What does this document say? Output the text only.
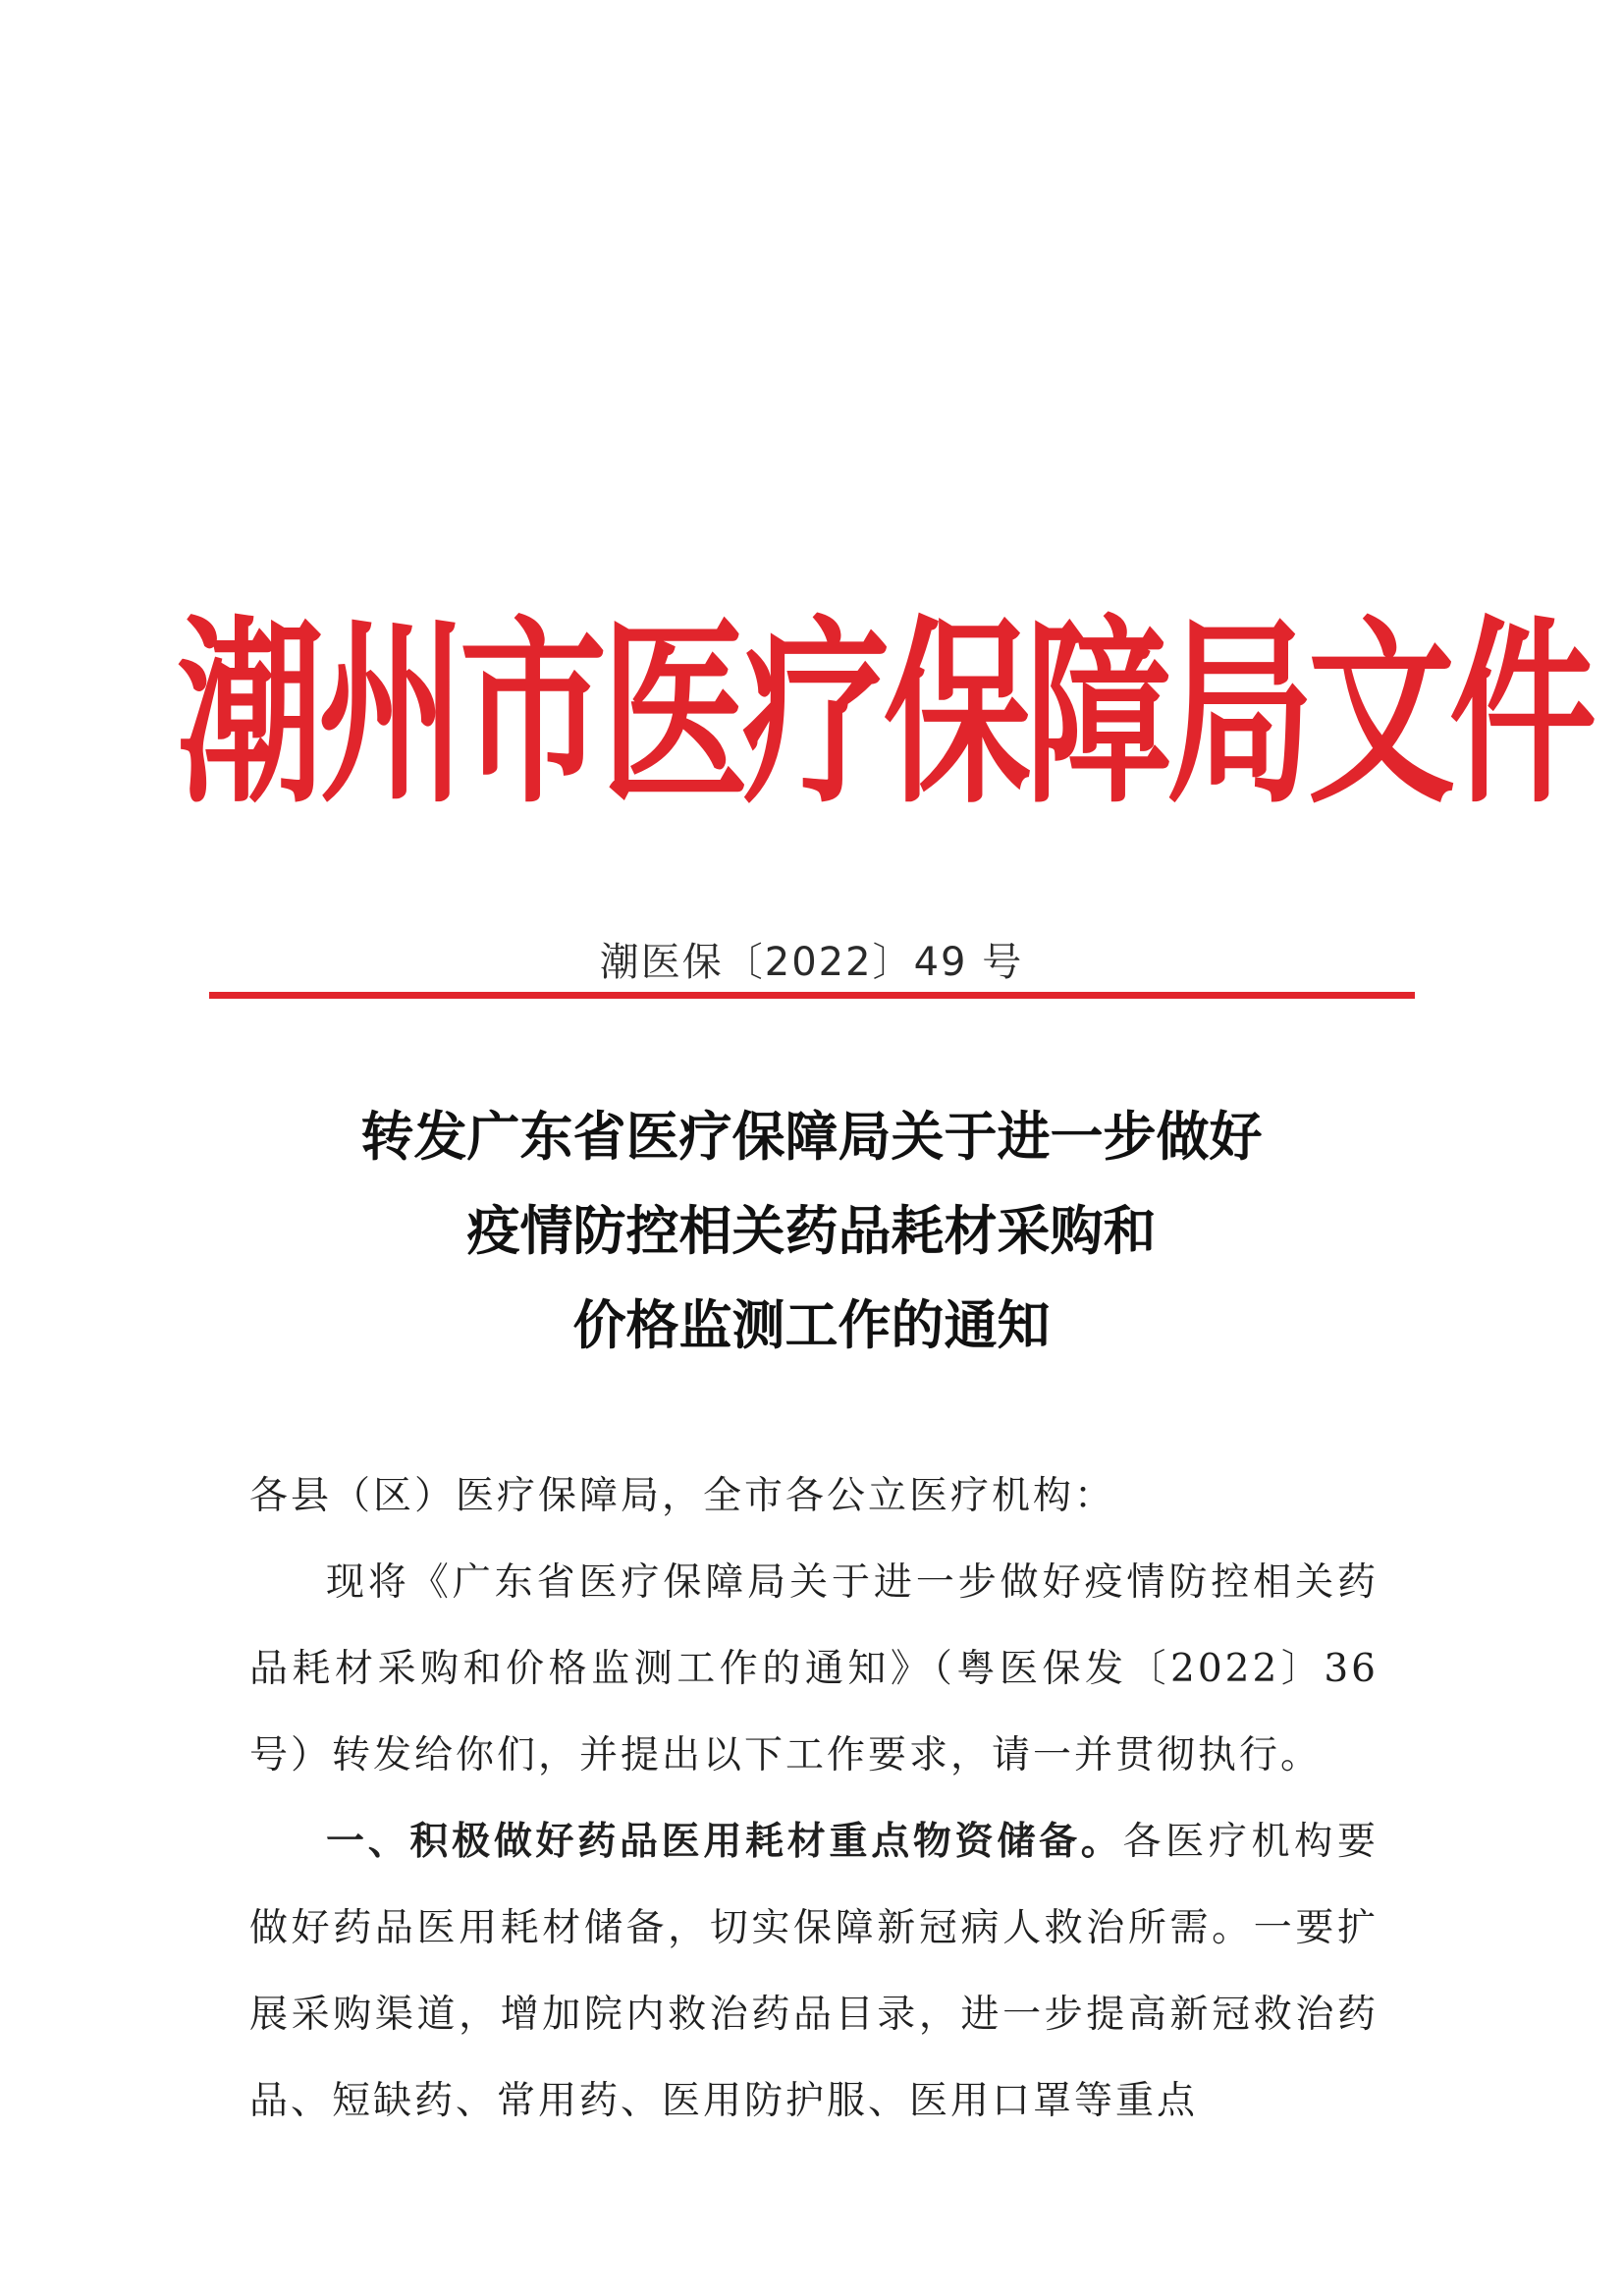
潮州市医疗保障局文件
潮医保〔2022〕49 号
转发广东省医疗保障局关于进一步做好
疫情防控相关药品耗材采购和
价格监测工作的通知

各县（区）医疗保障局，全市各公立医疗机构：

现将《广东省医疗保障局关于进一步做好疫情防控相关药品耗材采购和价格监测工作的通知》（粤医保发〔2022〕36 号）转发给你们，并提出以下工作要求，请一并贯彻执行。

一、积极做好药品医用耗材重点物资储备。各医疗机构要做好药品医用耗材储备，切实保障新冠病人救治所需。一要扩展采购渠道，增加院内救治药品目录，进一步提高新冠救治药品、短缺药、常用药、医用防护服、医用口罩等重点
